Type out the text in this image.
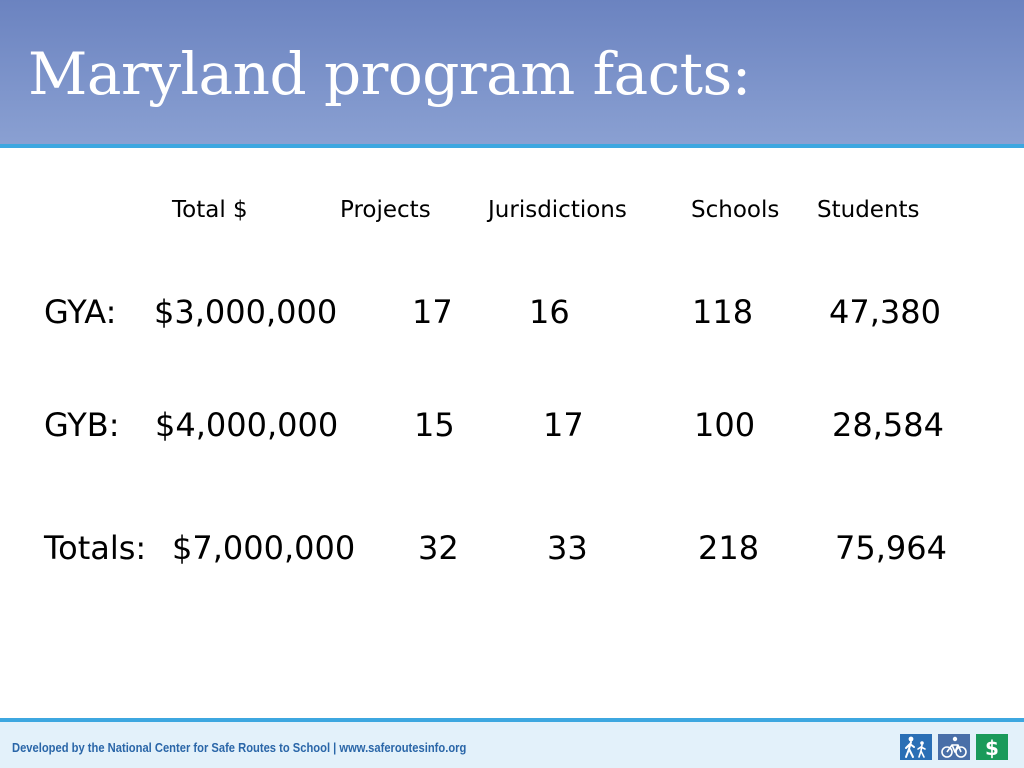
Maryland program facts:
Total $	Projects Jurisdictions	Schools Students
GYA: $3,000,000 17 16	118 47,380
GYB: $4,000,000 15	17	100 28,584
Totals: $7,000,000 32	33	218 75,964
Developed by the National Center for Safe Routes to School | www.saferoutesinfo.org	$
